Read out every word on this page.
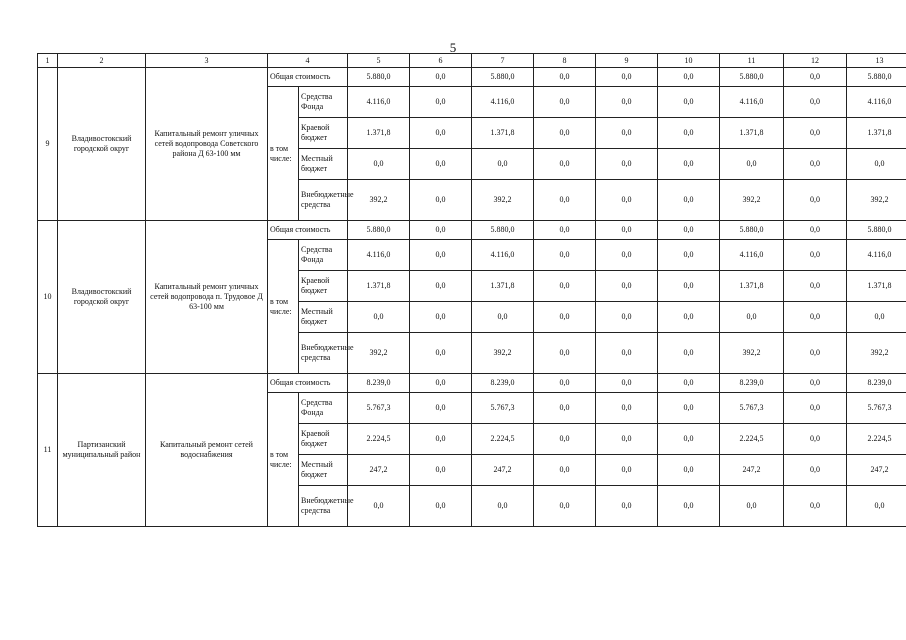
5
1	2	3	4		5	6	7	8	9	10	11	12	13
9	Владивостокский городской округ	Капитальный ремонт уличных сетей водопровода Советского района Д 63-100 мм	Общая стоимость		5.880,0	0,0	5.880,0	0,0	0,0	0,0	5.880,0	0,0	5.880,0
			в том числе:	Средства Фонда	4.116,0	0,0	4.116,0	0,0	0,0	0,0	4.116,0	0,0	4.116,0
				Краевой бюджет	1.371,8	0,0	1.371,8	0,0	0,0	0,0	1.371,8	0,0	1.371,8
				Местный бюджет	0,0	0,0	0,0	0,0	0,0	0,0	0,0	0,0	0,0
				Внебюджетные средства	392,2	0,0	392,2	0,0	0,0	0,0	392,2	0,0	392,2
10	Владивостокский городской округ	Капитальный ремонт уличных сетей водопровода п. Трудовое Д 63-100 мм	Общая стоимость		5.880,0	0,0	5.880,0	0,0	0,0	0,0	5.880,0	0,0	5.880,0
			в том числе:	Средства Фонда	4.116,0	0,0	4.116,0	0,0	0,0	0,0	4.116,0	0,0	4.116,0
				Краевой бюджет	1.371,8	0,0	1.371,8	0,0	0,0	0,0	1.371,8	0,0	1.371,8
				Местный бюджет	0,0	0,0	0,0	0,0	0,0	0,0	0,0	0,0	0,0
				Внебюджетные средства	392,2	0,0	392,2	0,0	0,0	0,0	392,2	0,0	392,2
11	Партизанский муниципальный район	Капитальный ремонт сетей водоснабжения	Общая стоимость		8.239,0	0,0	8.239,0	0,0	0,0	0,0	8.239,0	0,0	8.239,0
			в том числе:	Средства Фонда	5.767,3	0,0	5.767,3	0,0	0,0	0,0	5.767,3	0,0	5.767,3
				Краевой бюджет	2.224,5	0,0	2.224,5	0,0	0,0	0,0	2.224,5	0,0	2.224,5
				Местный бюджет	247,2	0,0	247,2	0,0	0,0	0,0	247,2	0,0	247,2
				Внебюджетные средства	0,0	0,0	0,0	0,0	0,0	0,0	0,0	0,0	0,0
